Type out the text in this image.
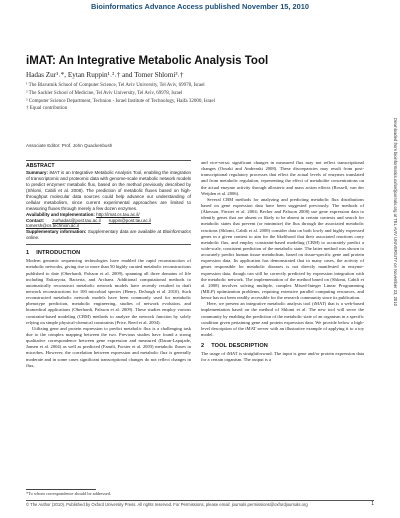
Bioinformatics Advance Access published November 15, 2010
Downloaded from bioinformatics.oxfordjournals.org at TEL AVIV UNIVERSITY on November 23, 2010
iMAT: An Integrative Metabolic Analysis Tool
Hadas Zur¹˒*, Eytan Ruppin¹˒²˒† and Tomer Shlomi³˒†
¹ The Blavatnik School of Computer Science, Tel Aviv University, Tel Aviv, 69978, Israel
² The Sackler School of Medicine, Tel Aviv University, Tel Aviv, 69978, Israel
³ Computer Science Department, Technion - Israel Institute of Technology, Haifa 32000, Israel
† Equal contribution
Associate Editor: Prof. John Quackenbush
ABSTRACT
Summary: iMAT is an Integrative Metabolic Analysis Tool, enabling the integration of transcriptomic and proteomic data with genome-scale metabolic network models to predict enzymes' metabolic flux, based on the method previously described by (Shlomi, Cabili et al. 2008). The prediction of metabolic fluxes based on high-throughput molecular data sources could help advance our understanding of cellular metabolism, since current experimental approaches are limited to measuring fluxes through merely a few dozen enzymes.
Availability and Implementation: http://imat.cs.tau.ac.il/
Contact: zurhadas@post.tau.ac.il ruppin@post.tau.ac.il
tomersh@cs.technion.ac.il
Supplementary information: Supplementary data are available at Bioinformatics online.
1 INTRODUCTION

Modern genomic sequencing technologies have enabled the rapid reconstruction of metabolic networks, giving rise to more than 50 highly curated metabolic reconstructions published to date (Oberhardt, Palsson et al. 2009), spanning all three domains of life including Eukaryota, Bacteria, and Archaea. Additional computational methods to automatically reconstruct metabolic network models have recently resulted in draft network reconstructions for 100 microbial species (Henry, DeJongh et al. 2010). Such reconstructed metabolic network models have been commonly used for metabolic phenotype prediction, metabolic engineering, studies of network evolution, and biomedical applications (Oberhardt, Palsson et al. 2009). These studies employ various constraint-based modeling (CBM) methods to analyze the network function by solely relying on simple physical-chemical constraints (Price, Reed et al. 2004).

Utilizing gene and protein expression to predict metabolic flux is a challenging task due to the complex mapping between the two. Previous studies have found a strong qualitative correspondence between gene expression and measured (Daran-Lapujade, Jansen et al. 2004) as well as predicted (Famili, Forster et al. 2003) metabolic fluxes in microbes. However, the correlation between expression and metabolic flux is generally moderate and in some cases significant transcriptional changes do not reflect changes in flux,

and vice-versa; significant changes in measured flux may not reflect transcriptional changes (Oosaki and Andreaski 2008). These discrepancies may result from post-transcriptional regulatory processes that effect the actual levels of enzymes translated and from metabolic regulation, representing the effect of metabolite concentrations on the actual enzyme activity through allosteric and mass action effects (Rossell, van der Weijden et al. 2006).

Several CBM methods for analyzing and predicting metabolic flux distributions based on gene expression data have been suggested previously. The methods of (Åkesson, Förster et al. 2004; Becker and Palsson 2008) use gene expression data to identify genes that are absent or likely to be absent in certain contexts and search for metabolic states that prevent (or minimize) the flux through the associated metabolic reactions (Shlomi, Cabili et al. 2008) consider data on both lowly and highly expressed genes in a given context to aim for the likelihood that their associated reactions carry metabolic flux, and employ constraint-based modeling (CBM) to accurately predict a wide-scale, consistent prediction of the metabolic state. The latter method was shown to accurately predict human tissue metabolism, based on tissue-specific gene and protein expression data. Its application has demonstrated that in many cases, the activity of genes responsible for metabolic diseases is not directly manifested in enzyme-expression data, though can still be correctly predicted by expression integration with the metabolic network. The implementation of the method based on (Shlomi, Cabili et al. 2008) involves solving multiple, complex Mixed-Integer Linear Programming (MILP) optimization problems, requiring extensive parallel computing resources, and hence has not been readily accessible for the research community since its publication.

Here, we present an integrative metabolic analysis tool (iMAT) that is a web-based implementation based on the method of Shlomi et al. The new tool will serve the community by enabling the prediction of the metabolic state of an organism in a specific condition given pertaining gene and protein expression data. We provide below a high-level description of the iMAT server with an illustrative example of applying it to a toy model.

2 TOOL DESCRIPTION

The usage of iMAT is straightforward. The input is gene and/or protein expression data for a certain organism. The output is a

*To whom correspondence should be addressed.
© The Author (2010). Published by Oxford University Press. All rights reserved. For Permissions, please email: journals.permissions@oxfordjournals.org	1
